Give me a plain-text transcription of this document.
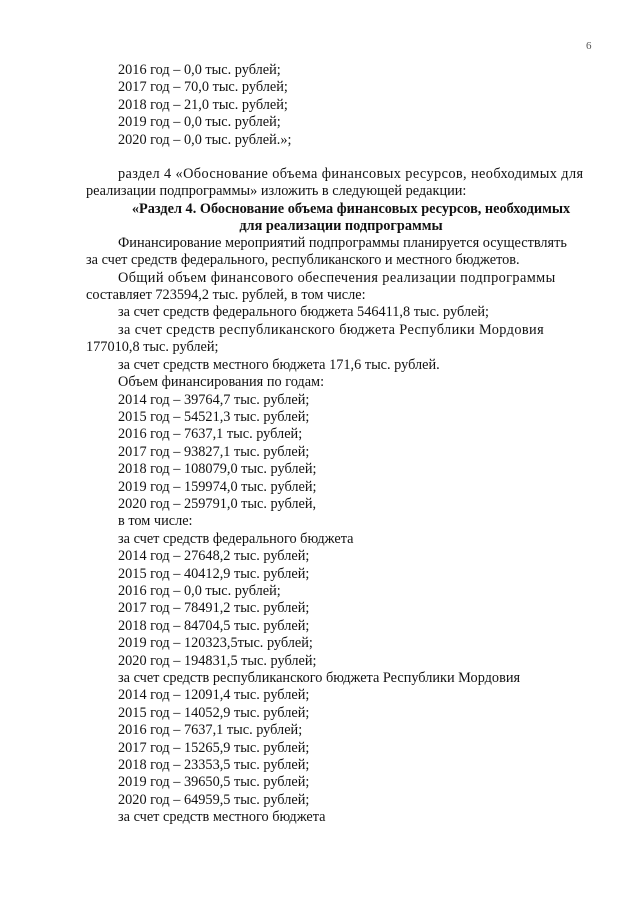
6
2016 год – 0,0 тыс. рублей;
2017 год – 70,0 тыс. рублей;
2018 год – 21,0 тыс. рублей;
2019 год – 0,0 тыс. рублей;
2020 год – 0,0 тыс. рублей.»;
раздел 4 «Обоснование объема финансовых ресурсов, необходимых для
реализации подпрограммы» изложить в следующей редакции:
«Раздел 4. Обоснование объема финансовых ресурсов, необходимых
для реализации подпрограммы
Финансирование мероприятий подпрограммы планируется осуществлять
за счет средств федерального, республиканского и местного бюджетов.
Общий объем финансового обеспечения реализации подпрограммы
составляет 723594,2 тыс. рублей, в том числе:
за счет средств федерального бюджета 546411,8 тыс. рублей;
за счет средств республиканского бюджета Республики Мордовия
177010,8 тыс. рублей;
за счет средств местного бюджета 171,6 тыс. рублей.
Объем финансирования по годам:
2014 год – 39764,7 тыс. рублей;
2015 год – 54521,3 тыс. рублей;
2016 год – 7637,1 тыс. рублей;
2017 год – 93827,1 тыс. рублей;
2018 год – 108079,0 тыс. рублей;
2019 год – 159974,0 тыс. рублей;
2020 год – 259791,0 тыс. рублей,
в том числе:
за счет средств федерального бюджета
2014 год – 27648,2 тыс. рублей;
2015 год – 40412,9 тыс. рублей;
2016 год – 0,0 тыс. рублей;
2017 год – 78491,2 тыс. рублей;
2018 год – 84704,5 тыс. рублей;
2019 год – 120323,5тыс. рублей;
2020 год – 194831,5 тыс. рублей;
за счет средств республиканского бюджета Республики Мордовия
2014 год – 12091,4 тыс. рублей;
2015 год – 14052,9 тыс. рублей;
2016 год – 7637,1 тыс. рублей;
2017 год – 15265,9 тыс. рублей;
2018 год – 23353,5 тыс. рублей;
2019 год – 39650,5 тыс. рублей;
2020 год – 64959,5 тыс. рублей;
за счет средств местного бюджета
